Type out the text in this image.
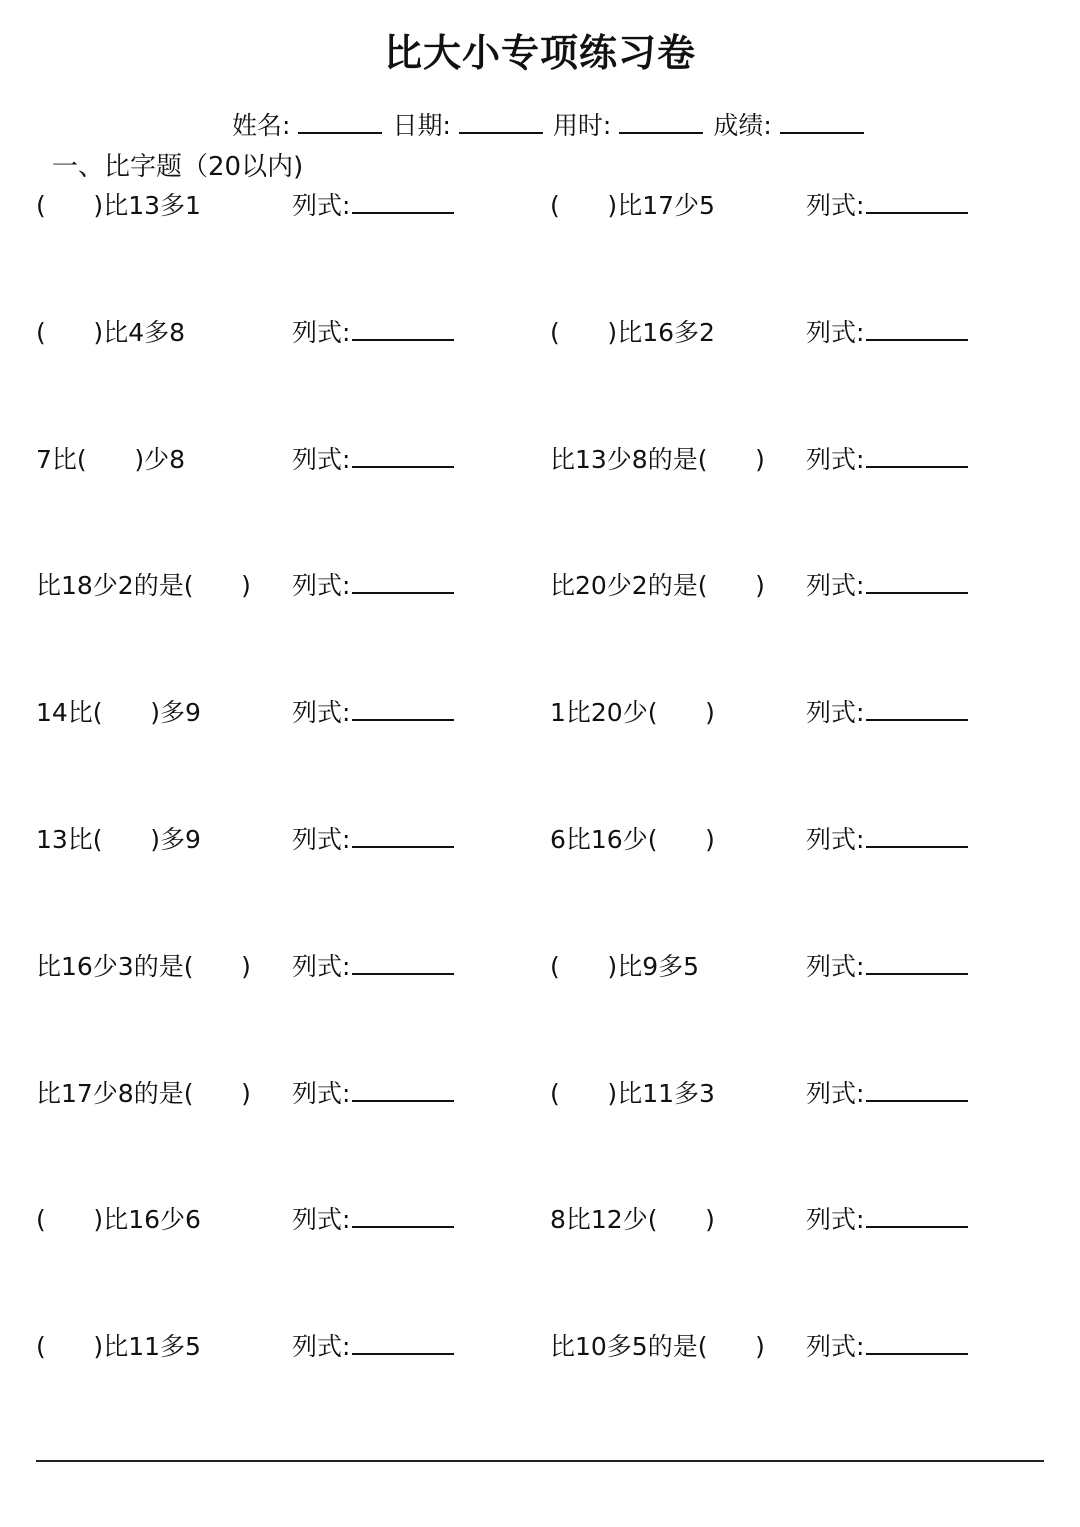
比大小专项练习卷
姓名:	日期:	用时:	成绩:
一、比字题（20以内)
(      )比13多1	列式:	(      )比17少5	列式:
(      )比4多8	列式:	(      )比16多2	列式:
7比(      )少8	列式:	比13少8的是(      ) 列式:
比18少2的是(      ) 列式:	比20少2的是(      ) 列式:
14比(      )多9	列式:	1比20少(      )	列式:
13比(      )多9	列式:	6比16少(      )	列式:
比16少3的是(      ) 列式:	(      )比9多5	列式:
比17少8的是(      ) 列式:	(      )比11多3	列式:
(      )比16少6	列式:	8比12少(      )	列式:
(      )比11多5	列式:	比10多5的是(      ) 列式:
